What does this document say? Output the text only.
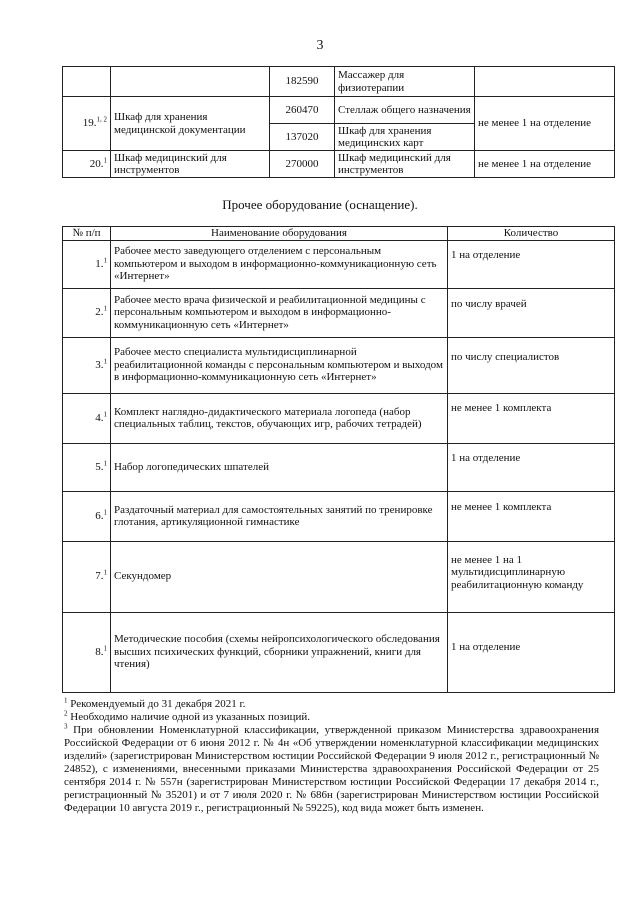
3
		182590	Массажер для физиотерапии	
19.$^{1, 2}$	Шкаф для хранения медицинской документации	260470	Стеллаж общего назначения	не менее 1 на отделение
		137020	Шкаф для хранения медицинских карт	
20.$^1$	Шкаф медицинский для инструментов	270000	Шкаф медицинский для инструментов	не менее 1 на отделение
Прочее оборудование (оснащение).
№ п/п	Наименование оборудования	Количество
1.$^1$	Рабочее место заведующего отделением с персональным компьютером и выходом в информационно-коммуникационную сеть «Интернет»	1 на отделение
2.$^1$	Рабочее место врача физической и реабилитационной медицины с персональным компьютером и выходом в информационно-коммуникационную сеть «Интернет»	по числу врачей
3.$^1$	Рабочее место специалиста мультидисциплинарной реабилитационной команды с персональным компьютером и выходом в информационно-коммуникационную сеть «Интернет»	по числу специалистов
4.$^1$	Комплект наглядно-дидактического материала логопеда (набор специальных таблиц, текстов, обучающих игр, рабочих тетрадей)	не менее 1 комплекта
5.$^1$	Набор логопедических шпателей	1 на отделение
6.$^1$	Раздаточный материал для самостоятельных занятий по тренировке глотания, артикуляционной гимнастике	не менее 1 комплекта
7.$^1$	Секундомер	не менее 1 на 1 мультидисциплинарную реабилитационную команду
8.$^1$	Методические пособия (схемы нейропсихологического обследования высших психических функций, сборники упражнений, книги для чтения)	1 на отделение

$^1$ Рекомендуемый до 31 декабря 2021 г.

$^2$ Необходимо наличие одной из указанных позиций.

$^3$ При обновлении Номенклатурной классификации, утвержденной приказом Министерства здравоохранения Российской Федерации от 6 июня 2012 г. № 4н «Об утверждении номенклатурной классификации медицинских изделий» (зарегистрирован Министерством юстиции Российской Федерации 9 июля 2012 г., регистрационный № 24852), с изменениями, внесенными приказами Министерства здравоохранения Российской Федерации от 25 сентября 2014 г. № 557н (зарегистрирован Министерством юстиции Российской Федерации 17 декабря 2014 г., регистрационный № 35201) и от 7 июля 2020 г. № 686н (зарегистрирован Министерством юстиции Российской Федерации 10 августа 2019 г., регистрационный № 59225), код вида может быть изменен.
